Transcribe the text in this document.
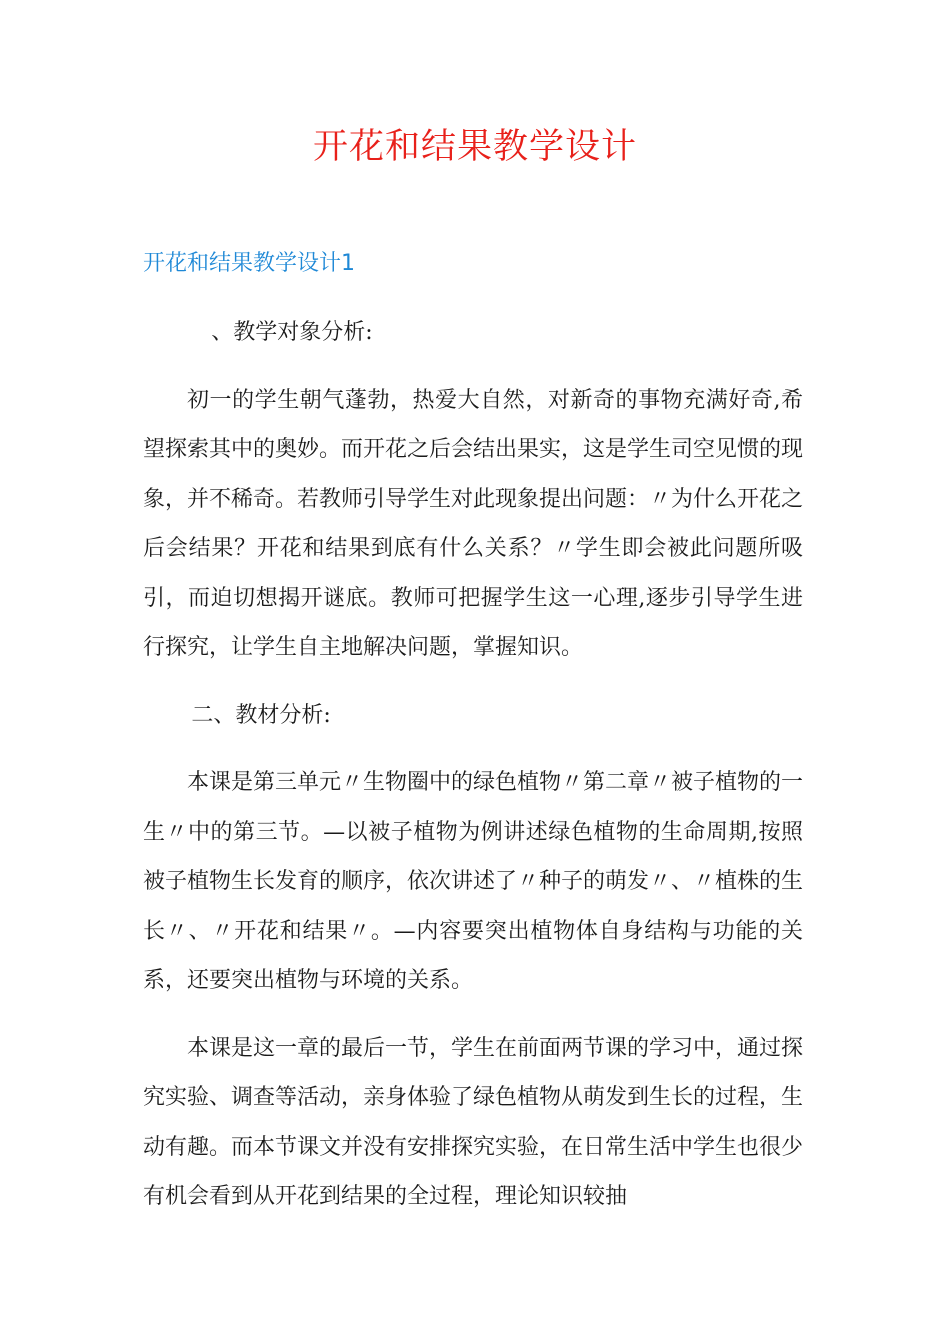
开花和结果教学设计
开花和结果教学设计1

、教学对象分析:

初一的学生朝气蓬勃，热爱大自然，对新奇的事物充满好奇,希望探索其中的奥妙。而开花之后会结出果实，这是学生司空见惯的现象，并不稀奇。若教师引导学生对此现象提出问题：〃为什么开花之后会结果？开花和结果到底有什么关系？〃学生即会被此问题所吸引，而迫切想揭开谜底。教师可把握学生这一心理,逐步引导学生进行探究，让学生自主地解决问题，掌握知识。

二、教材分析:

本课是第三单元〃生物圈中的绿色植物〃第二章〃被子植物的一生〃中的第三节。—以被子植物为例讲述绿色植物的生命周期,按照被子植物生长发育的顺序，依次讲述了〃种子的萌发〃、〃植株的生长〃、〃开花和结果〃。—内容要突出植物体自身结构与功能的关系，还要突出植物与环境的关系。

本课是这一章的最后一节，学生在前面两节课的学习中，通过探究实验、调查等活动，亲身体验了绿色植物从萌发到生长的过程，生动有趣。而本节课文并没有安排探究实验，在日常生活中学生也很少有机会看到从开花到结果的全过程，理论知识较抽
